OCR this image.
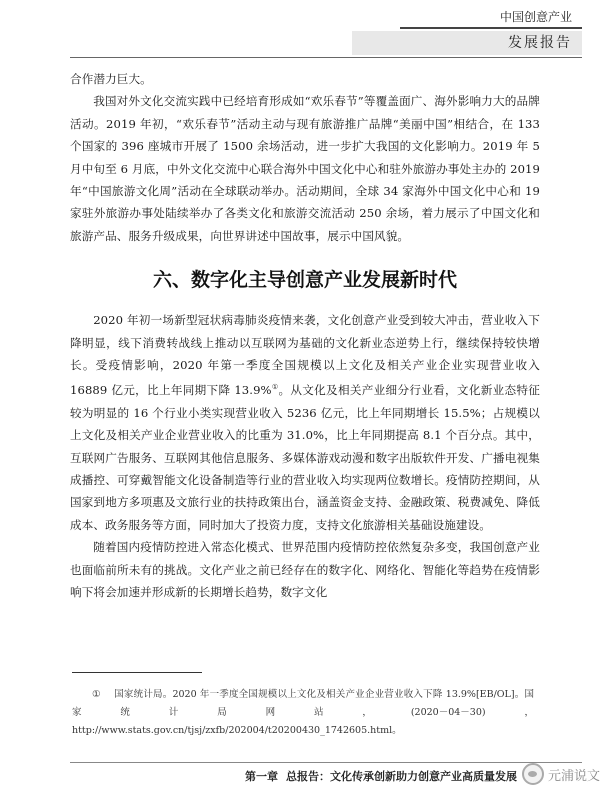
中国创意产业
发展报告

合作潜力巨大。

我国对外文化交流实践中已经培育形成如“欢乐春节”等覆盖面广、海外影响力大的品牌活动。2019 年初，“欢乐春节”活动主动与现有旅游推广品牌“美丽中国”相结合，在 133 个国家的 396 座城市开展了 1500 余场活动，进一步扩大我国的文化影响力。2019 年 5 月中旬至 6 月底，中外文化交流中心联合海外中国文化中心和驻外旅游办事处主办的 2019 年“中国旅游文化周”活动在全球联动举办。活动期间，全球 34 家海外中国文化中心和 19 家驻外旅游办事处陆续举办了各类文化和旅游交流活动 250 余场，着力展示了中国文化和旅游产品、服务升级成果，向世界讲述中国故事，展示中国风貌。

六、数字化主导创意产业发展新时代

2020 年初一场新型冠状病毒肺炎疫情来袭，文化创意产业受到较大冲击，营业收入下降明显，线下消费转战线上推动以互联网为基础的文化新业态逆势上行，继续保持较快增长。受疫情影响，2020 年第一季度全国规模以上文化及相关产业企业实现营业收入 16889 亿元，比上年同期下降 13.9%①。从文化及相关产业细分行业看，文化新业态特征较为明显的 16 个行业小类实现营业收入 5236 亿元，比上年同期增长 15.5%；占规模以上文化及相关产业企业营业收入的比重为 31.0%，比上年同期提高 8.1 个百分点。其中，互联网广告服务、互联网其他信息服务、多媒体游戏动漫和数字出版软件开发、广播电视集成播控、可穿戴智能文化设备制造等行业的营业收入均实现两位数增长。疫情防控期间，从国家到地方多项惠及文旅行业的扶持政策出台，涵盖资金支持、金融政策、税费减免、降低成本、政务服务等方面，同时加大了投资力度，支持文化旅游相关基础设施建设。

随着国内疫情防控进入常态化模式、世界范围内疫情防控依然复杂多变，我国创意产业也面临前所未有的挑战。文化产业之前已经存在的数字化、网络化、智能化等趋势在疫情影响下将会加速并形成新的长期增长趋势，数字文化

① 国家统计局。2020 年一季度全国规模以上文化及相关产业企业营业收入下降 13.9%[EB/OL]。国家统计局网站，(2020－04－30)，http://www.stats.gov.cn/tjsj/zxfb/202004/t20200430_1742605.html。
第一章 总报告：文化传承创新助力创意产业高质量发展 元浦说文
